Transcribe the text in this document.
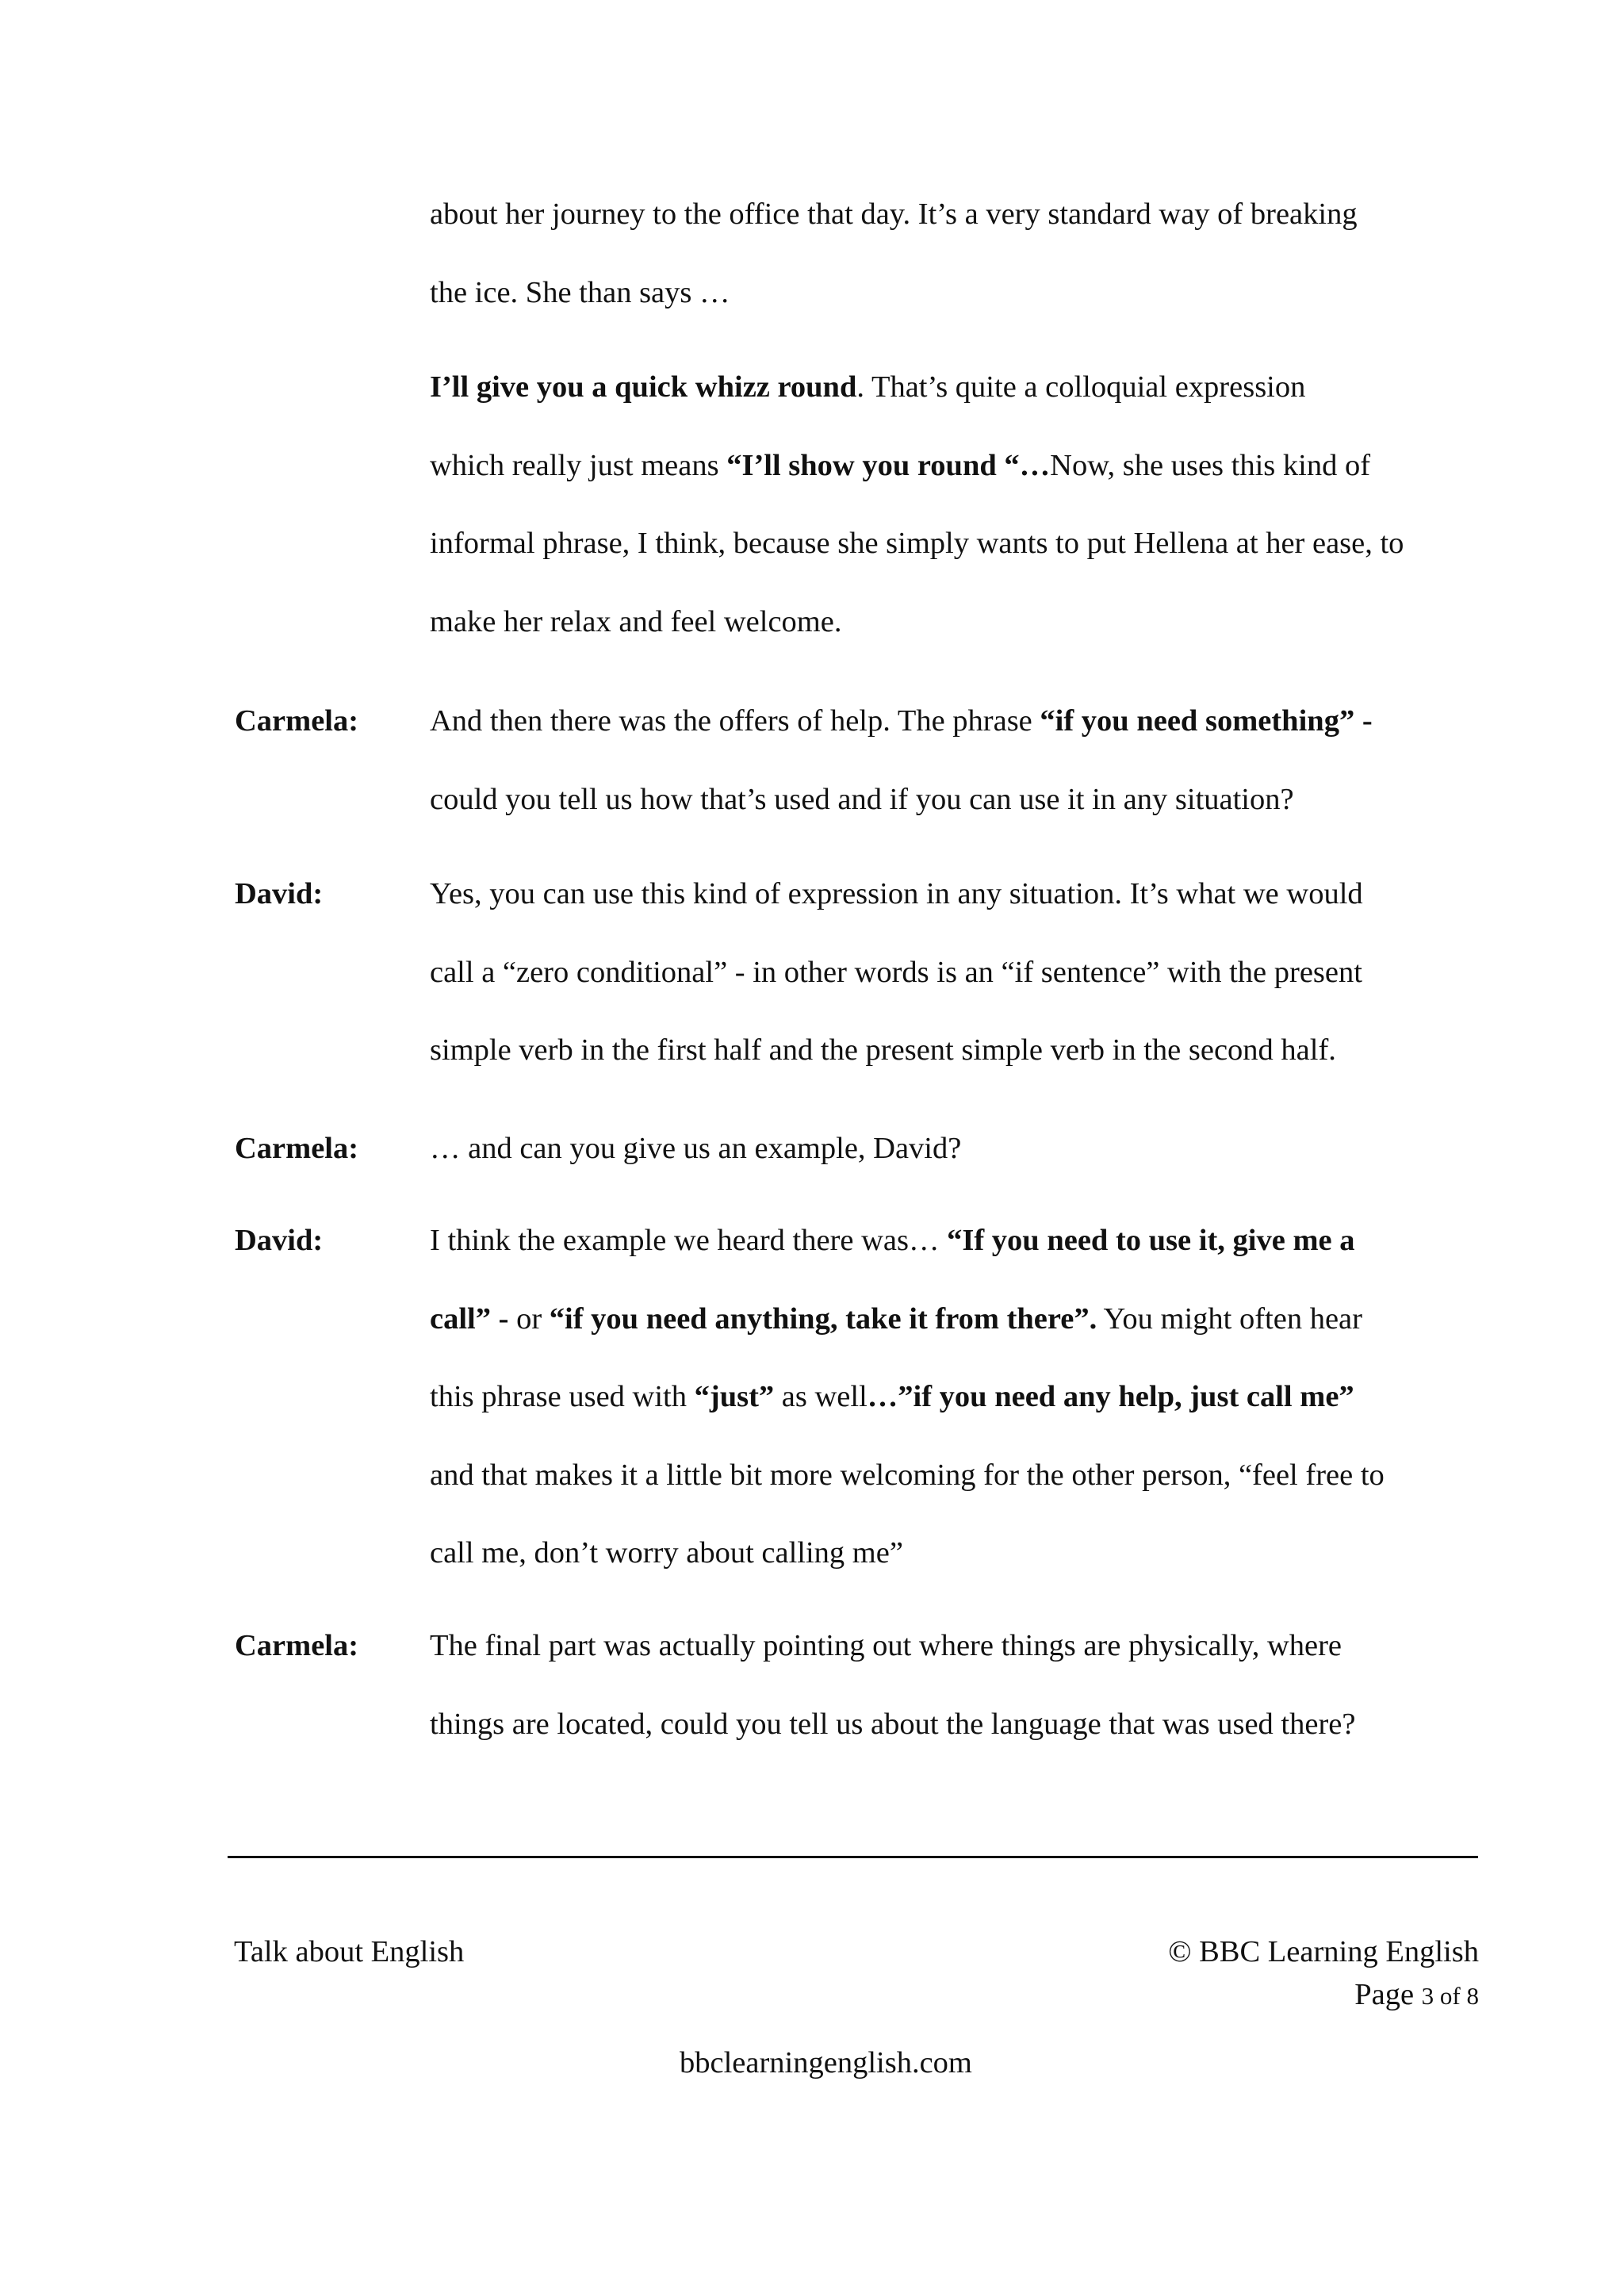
about her journey to the office that day. It’s a very standard way of breaking
the ice. She than says …
I’ll give you a quick whizz round. That’s quite a colloquial expression
which really just means “I’ll show you round “…Now, she uses this kind of
informal phrase, I think, because she simply wants to put Hellena at her ease, to
make her relax and feel welcome.
Carmela: And then there was the offers of help. The phrase “if you need something” -
could you tell us how that’s used and if you can use it in any situation?
David:	Yes, you can use this kind of expression in any situation. It’s what we would
call a “zero conditional” - in other words is an “if sentence” with the present
simple verb in the first half and the present simple verb in the second half.
Carmela: … and can you give us an example, David?
David:	I think the example we heard there was… “If you need to use it, give me a
call” - or “if you need anything, take it from there”. You might often hear
this phrase used with “just” as well…”if you need any help, just call me”
and that makes it a little bit more welcoming for the other person, “feel free to
call me, don’t worry about calling me”
Carmela: The final part was actually pointing out where things are physically, where
things are located, could you tell us about the language that was used there?
Talk about English	© BBC Learning English
Page 3 of 8
bbclearningenglish.com
